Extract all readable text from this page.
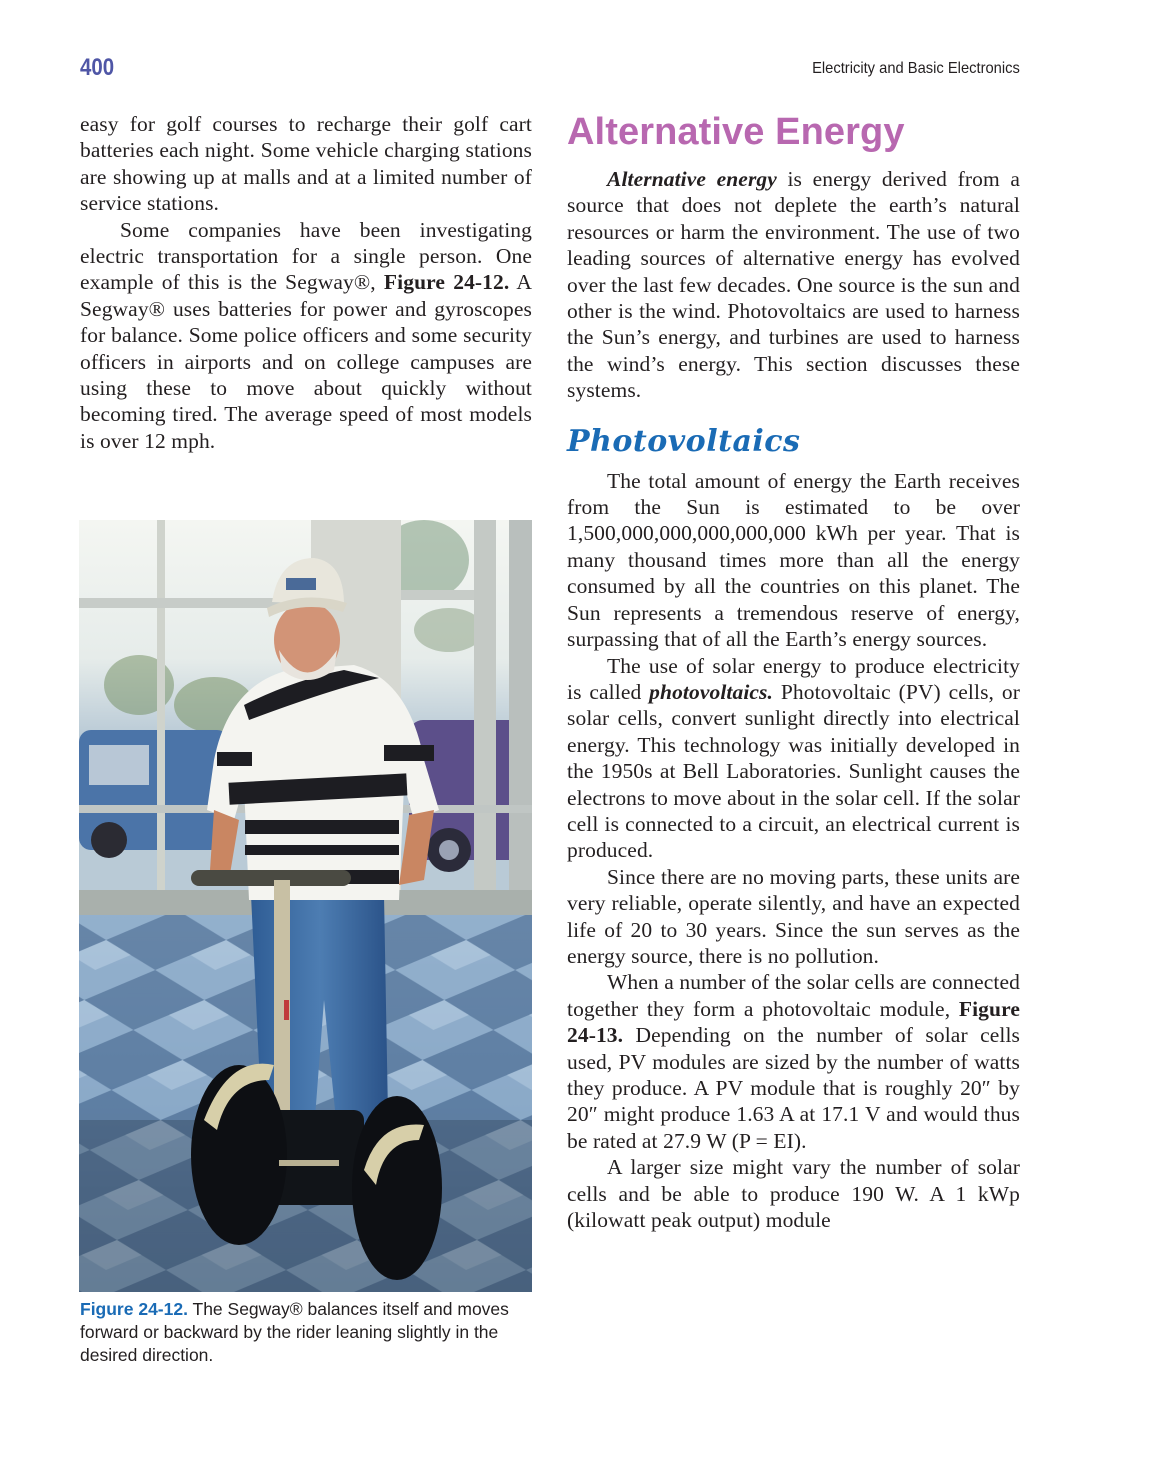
400	Electricity and Basic Electronics

easy for golf courses to recharge their golf cart batteries each night. Some vehicle charging stations are showing up at malls and at a limited number of service stations.

Some companies have been investigating electric transportation for a single person. One example of this is the Segway®, Figure 24-12. A Segway® uses batteries for power and gyroscopes for balance. Some police officers and some security officers in airports and on college campuses are using these to move about quickly without becoming tired. The average speed of most models is over 12 mph.

Figure 24-12. The Segway® balances itself and moves forward or backward by the rider leaning slightly in the desired direction.
Alternative Energy

Alternative energy is energy derived from a source that does not deplete the earth’s natural resources or harm the environment. The use of two leading sources of alternative energy has evolved over the last few decades. One source is the sun and other is the wind. Photovoltaics are used to harness the Sun’s energy, and turbines are used to harness the wind’s energy. This section discusses these systems.

Photovoltaics

The total amount of energy the Earth receives from the Sun is estimated to be over 1,500,000,000,000,000,000 kWh per year. That is many thousand times more than all the energy consumed by all the countries on this planet. The Sun represents a tremendous reserve of energy, surpassing that of all the Earth’s energy sources.

The use of solar energy to produce electricity is called photovoltaics. Photovoltaic (PV) cells, or solar cells, convert sunlight directly into electrical energy. This technology was initially developed in the 1950s at Bell Laboratories. Sunlight causes the electrons to move about in the solar cell. If the solar cell is connected to a circuit, an electrical current is produced.

Since there are no moving parts, these units are very reliable, operate silently, and have an expected life of 20 to 30 years. Since the sun serves as the energy source, there is no pollution.

When a number of the solar cells are connected together they form a photovoltaic module, Figure 24-13. Depending on the number of solar cells used, PV modules are sized by the number of watts they produce. A PV module that is roughly 20″ by 20″ might produce 1.63 A at 17.1 V and would thus be rated at 27.9 W (P = EI).

A larger size might vary the number of solar cells and be able to produce 190 W. A 1 kWp (kilowatt peak output) module
